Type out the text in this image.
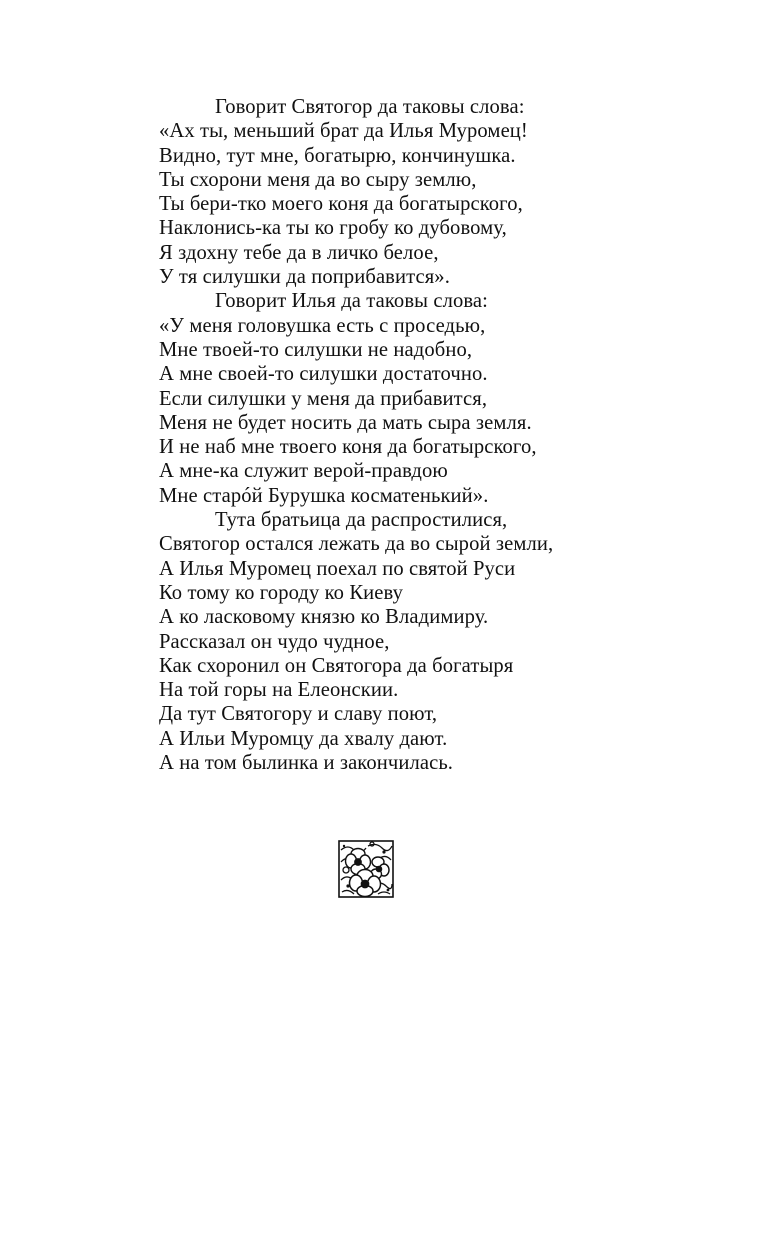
Говорит Святогор да таковы слова:
«Ах ты, меньший брат да Илья Муромец!
Видно, тут мне, богатырю, кончинушка.
Ты схорони меня да во сыру землю,
Ты бери-тко моего коня да богатырского,
Наклонись-ка ты ко гробу ко дубовому,
Я здохну тебе да в личко белое,
У тя силушки да поприбавится».
Говорит Илья да таковы слова:
«У меня головушка есть с проседью,
Мне твоей-то силушки не надобно,
А мне своей-то силушки достаточно.
Если силушки у меня да прибавится,
Меня не будет носить да мать сыра земля.
И не наб мне твоего коня да богатырского,
А мне-ка служит верой-правдою
Мне старóй Бурушка косматенький».
Тута братьица да распростилися,
Святогор остался лежать да во сырой земли,
А Илья Муромец поехал по святой Руси
Ко тому ко городу ко Киеву
А ко ласковому князю ко Владимиру.
Рассказал он чудо чудное,
Как схоронил он Святогора да богатыря
На той горы на Елеонскии.
Да тут Святогору и славу поют,
А Ильи Муромцу да хвалу дают.
А на том былинка и закончилась.
